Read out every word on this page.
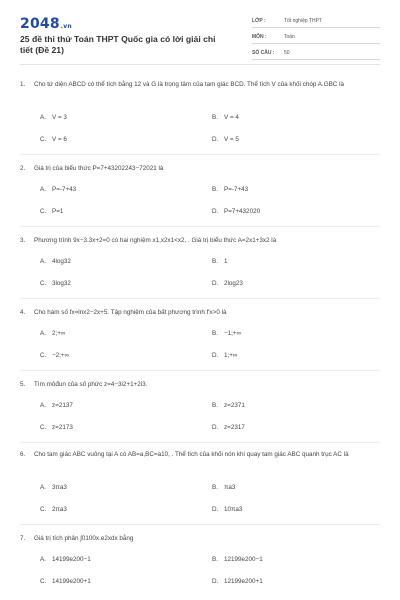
2048.vn
25 đề thi thử Toán THPT Quốc gia có lời giải chi tiết (Đề 21)
LỚP :	Tốt nghiệp THPT
MÔN :	Toán
SỐ CÂU :	50
1.	Cho tứ diện ABCD có thể tích bằng 12 và G là trọng tâm của tam giác BCD. Thể tích V của khối chóp A.GBC là
A. V = 3	B. V = 4
C. V = 6	D. V = 5
2.	Giá trị của biểu thức P=7+43202243−72021 là
A. P=-7+43	B. P=-7+43
C. P=1	D. P=7+432020
3.	Phương trình 9x−3.3x+2=0 có hai nghiệm x1,x2x1<x2, . Giá trị biểu thức A=2x1+3x2 là
A. 4log32	B. 1
C. 3log32	D. 2log23
4.	Cho hàm số fx=lnx2−2x+5. Tập nghiệm của bất phương trình f'x>0 là
A. 2;+∞	B. −1;+∞
C. −2;+∞	D. 1;+∞
5.	Tìm môđun của số phức z=4−3i2+1+2i3.
A. z=2137	B. z=2371
C. z=2173	D. z=2317
6.	Cho tam giác ABC vuông tại A có AB=a,BC=a10, . Thể tích của khối nón khi quay tam giác ABC quanh trục AC là
A. 3πa3	B. πa3
C. 2πa3	D. 10πa3
7.	Giá trị tích phân ∫0100x.e2xdx bằng
A. 14199e200−1	B. 12199e200−1
C. 14199e200+1	D. 12199e200+1
